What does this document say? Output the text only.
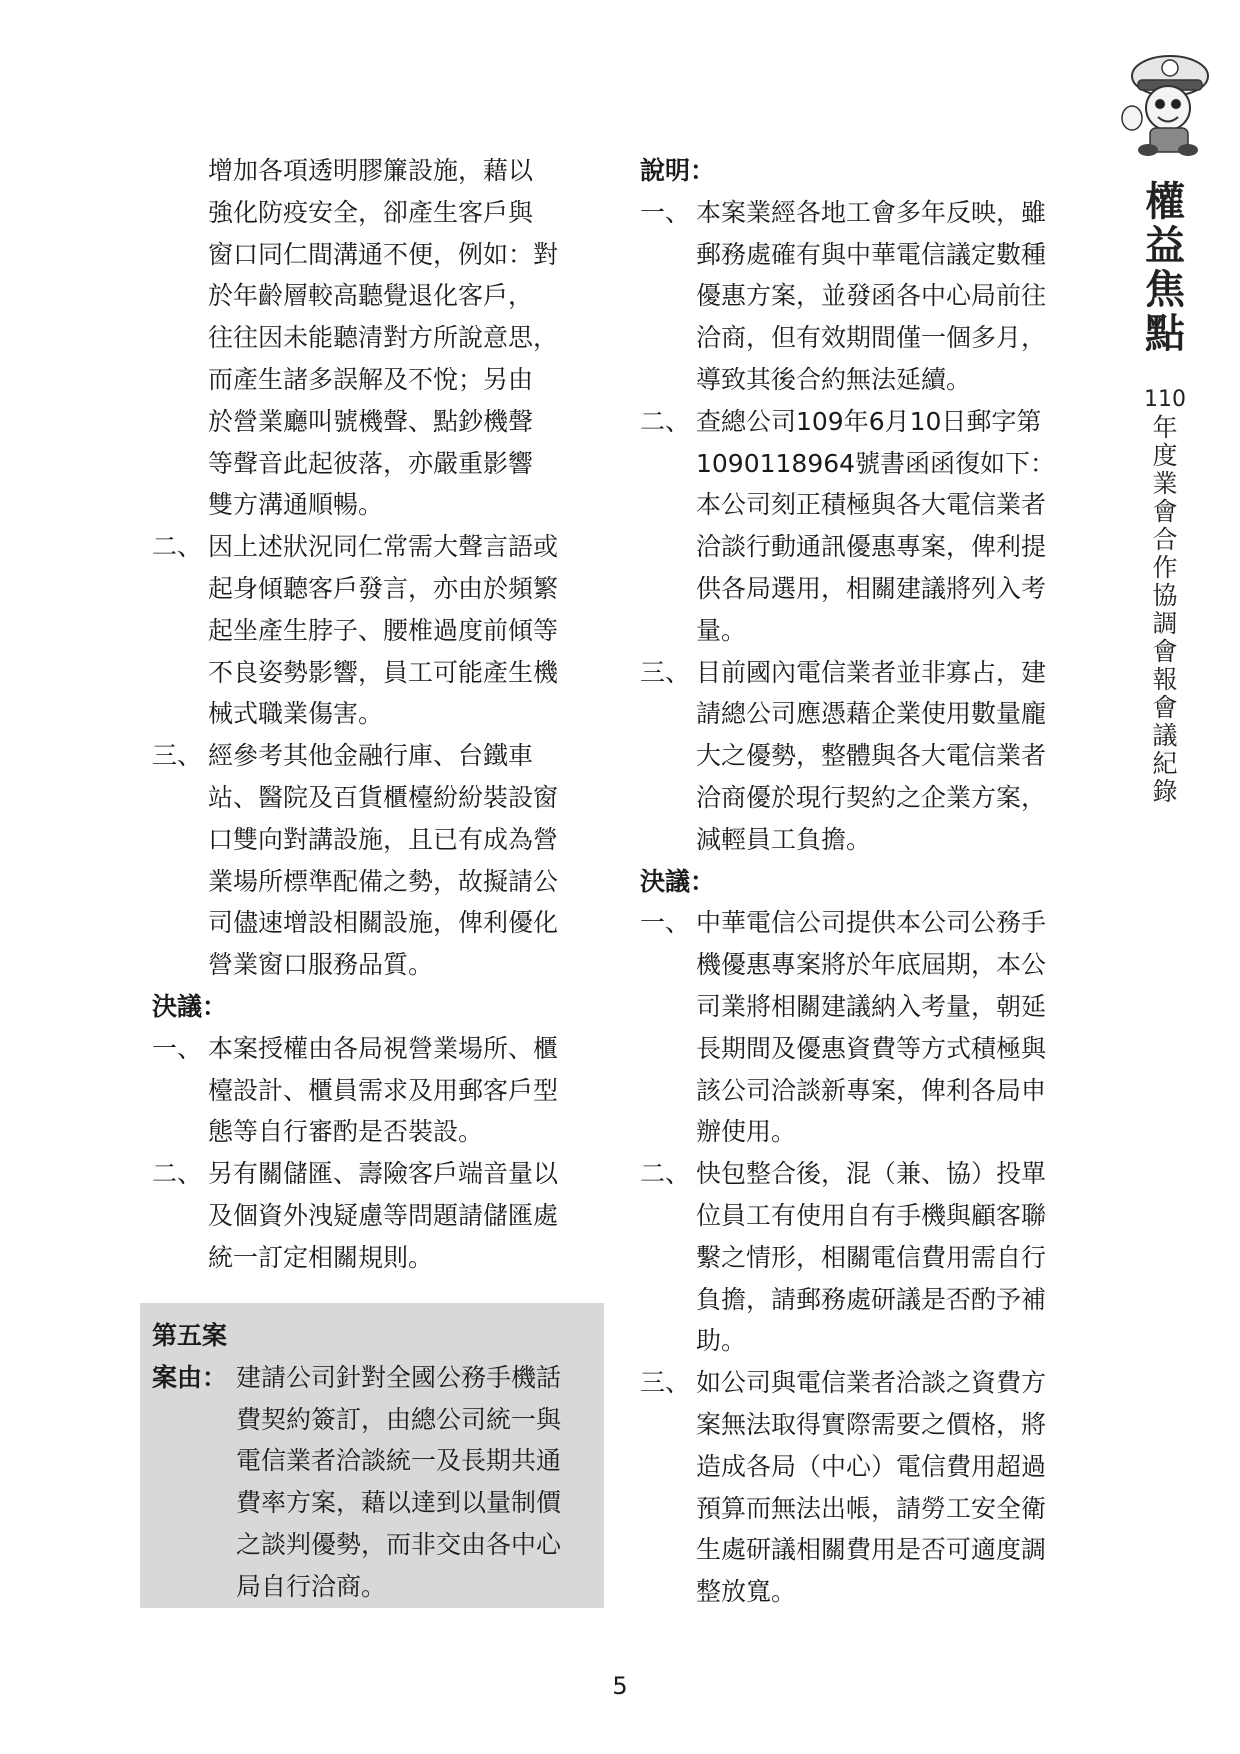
權
益
焦
點
110
年
度
業
會
合
作
協
調
會
報
會
議
紀
錄
增加各項透明膠簾設施，藉以
強化防疫安全，卻產生客戶與
窗口同仁間溝通不便，例如：對
於年齡層較高聽覺退化客戶，
往往因未能聽清對方所說意思，
而產生諸多誤解及不悅；另由
於營業廳叫號機聲、點鈔機聲
等聲音此起彼落，亦嚴重影響
雙方溝通順暢。
二、 因上述狀況同仁常需大聲言語或
起身傾聽客戶發言，亦由於頻繁
起坐產生脖子、腰椎過度前傾等
不良姿勢影響，員工可能產生機
械式職業傷害。
三、 經參考其他金融行庫、台鐵車
站、醫院及百貨櫃檯紛紛裝設窗
口雙向對講設施，且已有成為營
業場所標準配備之勢，故擬請公
司儘速增設相關設施，俾利優化
營業窗口服務品質。
決議：
一、 本案授權由各局視營業場所、櫃
檯設計、櫃員需求及用郵客戶型
態等自行審酌是否裝設。
二、 另有關儲匯、壽險客戶端音量以
及個資外洩疑慮等問題請儲匯處
統一訂定相關規則。
第五案
案由： 建請公司針對全國公務手機話
費契約簽訂，由總公司統一與
電信業者洽談統一及長期共通
費率方案，藉以達到以量制價
之談判優勢，而非交由各中心
局自行洽商。
說明：
一、 本案業經各地工會多年反映，雖
郵務處確有與中華電信議定數種
優惠方案，並發函各中心局前往
洽商，但有效期間僅一個多月，
導致其後合約無法延續。
二、 查總公司109年6月10日郵字第
1090118964號書函函復如下：
本公司刻正積極與各大電信業者
洽談行動通訊優惠專案，俾利提
供各局選用，相關建議將列入考
量。
三、 目前國內電信業者並非寡占，建
請總公司應憑藉企業使用數量龐
大之優勢，整體與各大電信業者
洽商優於現行契約之企業方案，
減輕員工負擔。
決議：
一、 中華電信公司提供本公司公務手
機優惠專案將於年底屆期，本公
司業將相關建議納入考量，朝延
長期間及優惠資費等方式積極與
該公司洽談新專案，俾利各局申
辦使用。
二、 快包整合後，混（兼、協）投單
位員工有使用自有手機與顧客聯
繫之情形，相關電信費用需自行
負擔，請郵務處研議是否酌予補
助。
三、 如公司與電信業者洽談之資費方
案無法取得實際需要之價格，將
造成各局（中心）電信費用超過
預算而無法出帳，請勞工安全衛
生處研議相關費用是否可適度調
整放寬。
5
